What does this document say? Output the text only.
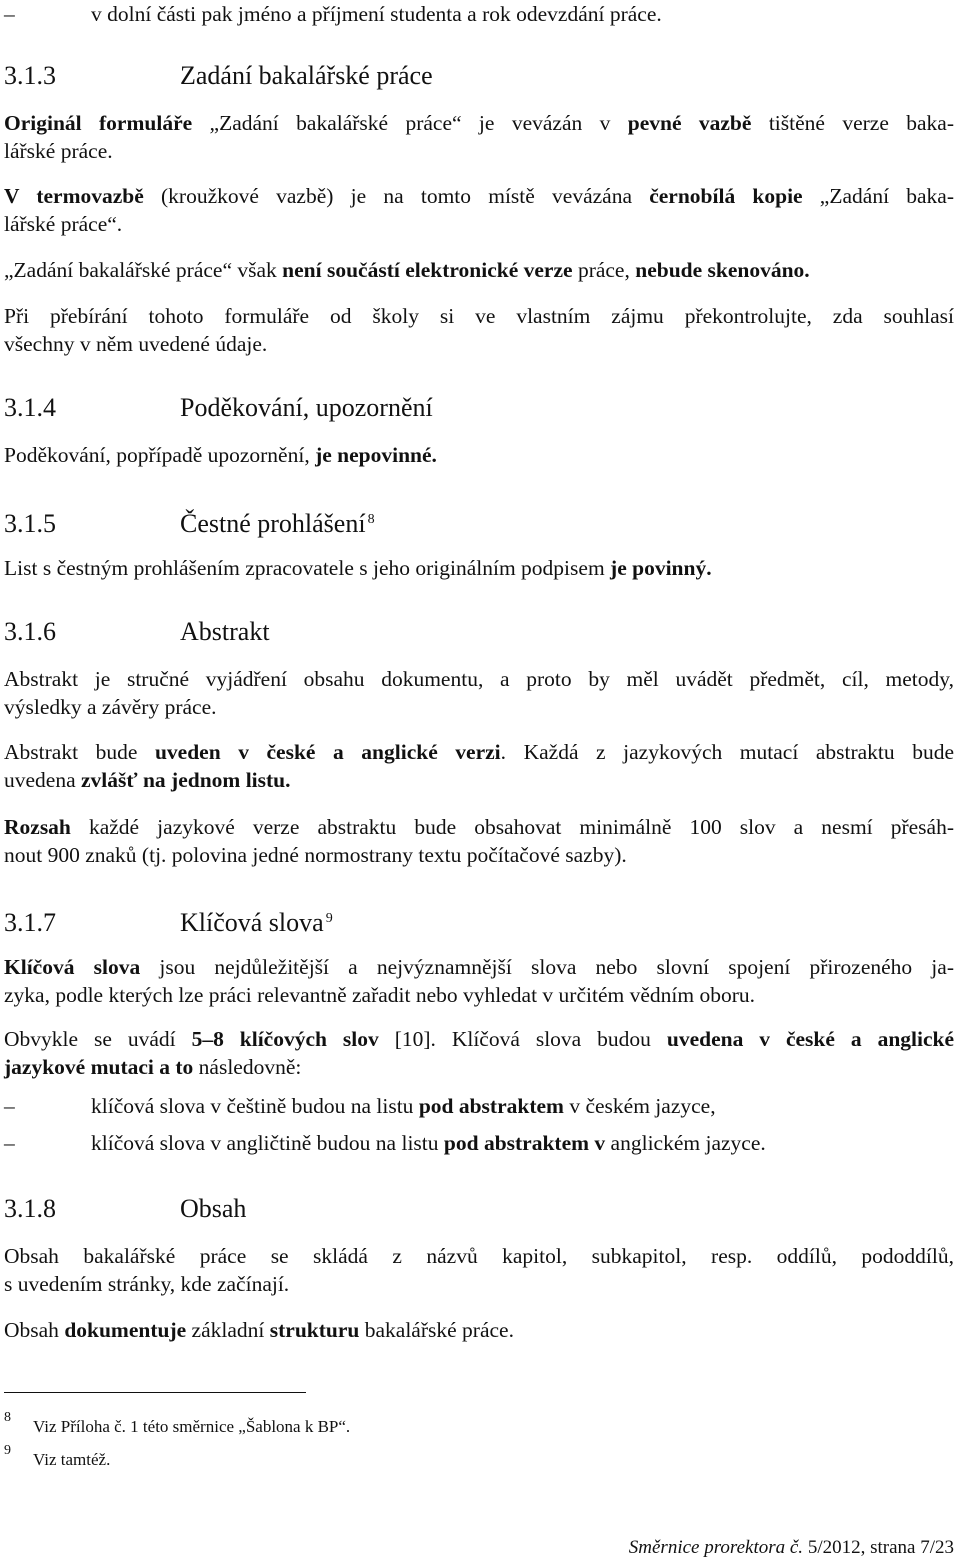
–	v dolní části pak jméno a příjmení studenta a rok odevzdání práce.
3.1.3	Zadání bakalářské práce
Originál formuláře „Zadání bakalářské práce“ je vevázán v pevné vazbě tištěné verze baka-
lářské práce.
V termovazbě (kroužkové vazbě) je na tomto místě vevázána černobílá kopie „Zadání baka-
lářské práce“.
„Zadání bakalářské práce“ však není součástí elektronické verze práce, nebude skenováno.
Při přebírání tohoto formuláře od školy si ve vlastním zájmu překontrolujte, zda souhlasí
všechny v něm uvedené údaje.
3.1.4	Poděkování, upozornění
Poděkování, popřípadě upozornění, je nepovinné.
3.1.5	Čestné prohlášení $^8$
List s čestným prohlášením zpracovatele s jeho originálním podpisem je povinný.
3.1.6	Abstrakt
Abstrakt je stručné vyjádření obsahu dokumentu, a proto by měl uvádět předmět, cíl, metody,
výsledky a závěry práce.
Abstrakt bude uveden v české a anglické verzi. Každá z jazykových mutací abstraktu bude
uvedena zvlášť na jednom listu.
Rozsah každé jazykové verze abstraktu bude obsahovat minimálně 100 slov a nesmí přesáh-
nout 900 znaků (tj. polovina jedné normostrany textu počítačové sazby).
3.1.7	Klíčová slova $^9$
Klíčová slova jsou nejdůležitější a nejvýznamnější slova nebo slovní spojení přirozeného ja-
zyka, podle kterých lze práci relevantně zařadit nebo vyhledat v určitém vědním oboru.
Obvykle se uvádí 5–8 klíčových slov [10]. Klíčová slova budou uvedena v české a anglické
jazykové mutaci a to následovně:
–	klíčová slova v češtině budou na listu pod abstraktem v českém jazyce,
–	klíčová slova v angličtině budou na listu pod abstraktem v anglickém jazyce.
3.1.8	Obsah
Obsah bakalářské práce se skládá z názvů kapitol, subkapitol, resp. oddílů, pododdílů,
s uvedením stránky, kde začínají.
Obsah dokumentuje základní strukturu bakalářské práce.
8 Viz Příloha č. 1 této směrnice „Šablona k BP“.
9 Viz tamtéž.
Směrnice prorektora č. 5/2012, strana 7/23
